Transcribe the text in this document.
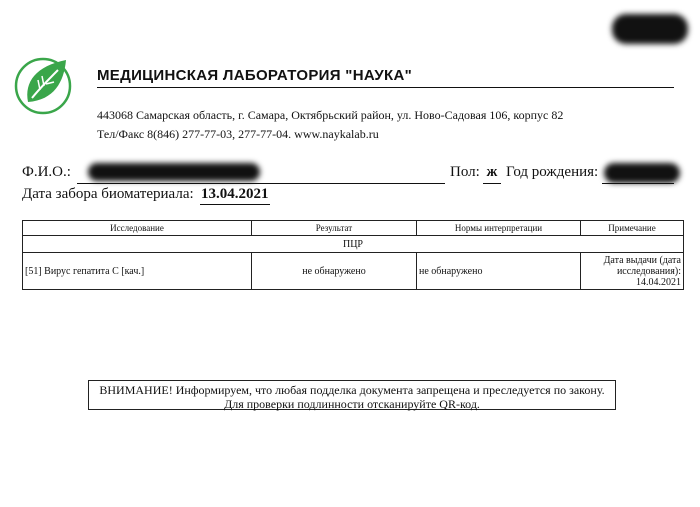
МЕДИЦИНСКАЯ ЛАБОРАТОРИЯ "НАУКА"
443068 Самарская область, г. Самара, Октябрьский район, ул. Ново-Садовая 106, корпус 82
Тел/Факс 8(846) 277-77-03, 277-77-04. www.naykalab.ru
Ф.И.О.:	Пол: ж Год рождения:
Дата забора биоматериала: 13.04.2021
Исследование	Результат	Нормы интерпретации	Примечание
ПЦР			
[51] Вирус гепатита С [кач.]	не обнаружено	не обнаружено	Дата выдачи (дата исследования): 14.04.2021
ВНИМАНИЕ! Информируем, что любая подделка документа запрещена и преследуется по закону. Для проверки подлинности отсканируйте QR-код.
